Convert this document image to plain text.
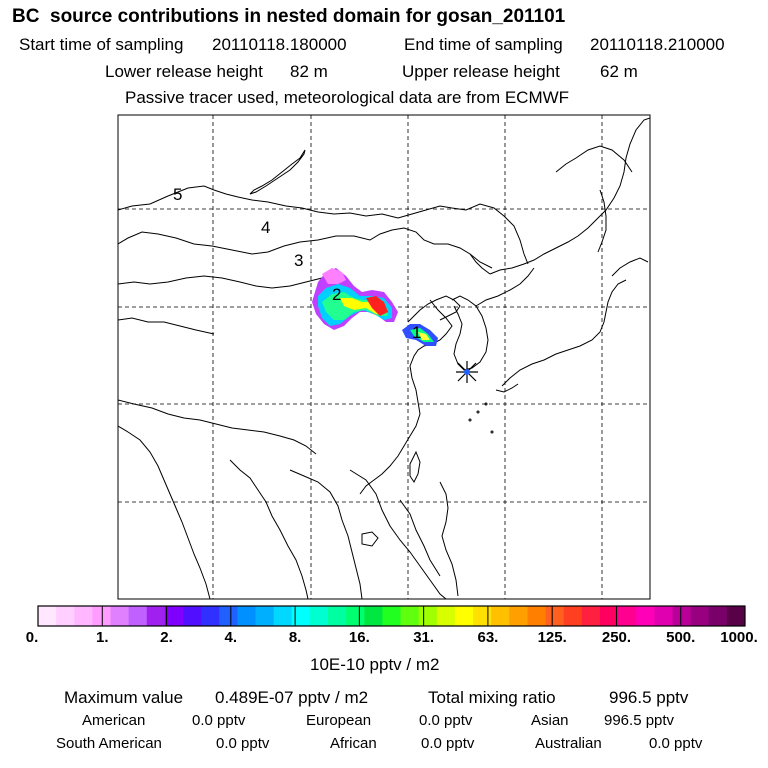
BC  source contributions in nested domain for gosan_201101
Start time of sampling 20110118.180000	End time of sampling 20110118.210000
Lower release height 82 m	Upper release height 62 m
Passive tracer used, meteorological data are from ECMWF
1
2
3
4
5
0.	1.	2.	4.	8.	16.	31.	63.	125. 250. 500. 1000.
10E-10 pptv / m2
Maximum value 0.489E-07 pptv / m2	Total mixing ratio	996.5 pptv
American	0.0 pptv	European	0.0 pptv	Asian 996.5 pptv
South American	0.0 pptv	African	0.0 pptv	Australian	0.0 pptv
